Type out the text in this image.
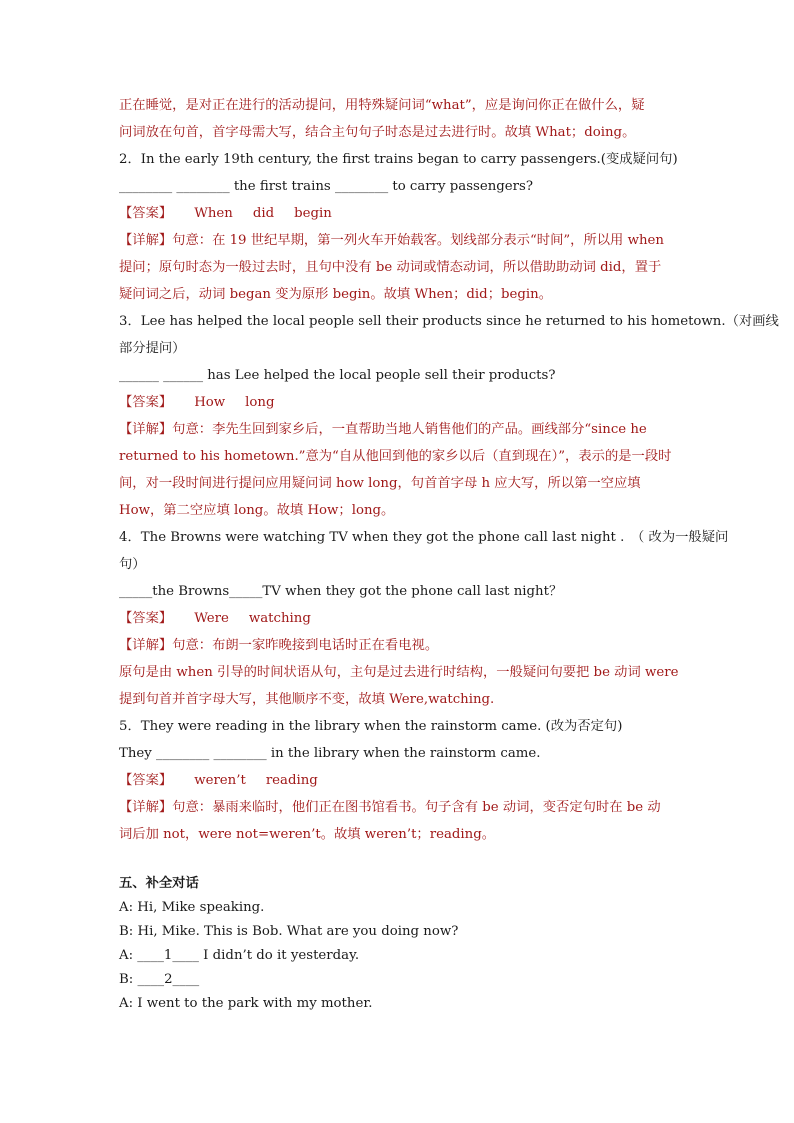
正在睡觉，是对正在进行的活动提问，用特殊疑问词“what”，应是询问你正在做什么，疑
问词放在句首，首字母需大写，结合主句句子时态是过去进行时。故填 What；doing。
2．In the early 19th century, the first trains began to carry passengers.(变成疑问句)
________ ________ the first trains ________ to carry passengers?
【答案】 When did begin
【详解】句意：在 19 世纪早期，第一列火车开始载客。划线部分表示“时间”，所以用 when
提问；原句时态为一般过去时，且句中没有 be 动词或情态动词，所以借助助动词 did，置于
疑问词之后，动词 began 变为原形 begin。故填 When；did；begin。
3．Lee has helped the local people sell their products since he returned to his hometown.（对画线
部分提问）
______ ______ has Lee helped the local people sell their products?
【答案】 How long
【详解】句意：李先生回到家乡后，一直帮助当地人销售他们的产品。画线部分“since he
returned to his hometown.”意为“自从他回到他的家乡以后（直到现在）”，表示的是一段时
间，对一段时间进行提问应用疑问词 how long，句首首字母 h 应大写，所以第一空应填
How，第二空应填 long。故填 How；long。
4．The Browns were watching TV when they got the phone call last night .　（ 改为一般疑问
句）
_____the Browns_____TV when they got the phone call last night？
【答案】 Were watching
【详解】句意：布朗一家昨晚接到电话时正在看电视。
原句是由 when 引导的时间状语从句，主句是过去进行时结构，一般疑问句要把 be 动词 were
提到句首并首字母大写，其他顺序不变，故填 Were,watching.
5．They were reading in the library when the rainstorm came. (改为否定句)
They ________ ________ in the library when the rainstorm came.
【答案】 weren’t reading
【详解】句意：暴雨来临时，他们正在图书馆看书。句子含有 be 动词，变否定句时在 be 动
词后加 not，were not=weren’t。故填 weren’t；reading。
五、补全对话
A: Hi, Mike speaking.
B: Hi, Mike. This is Bob. What are you doing now?
A: ____1____ I didn’t do it yesterday.
B: ____2____
A: I went to the park with my mother.
